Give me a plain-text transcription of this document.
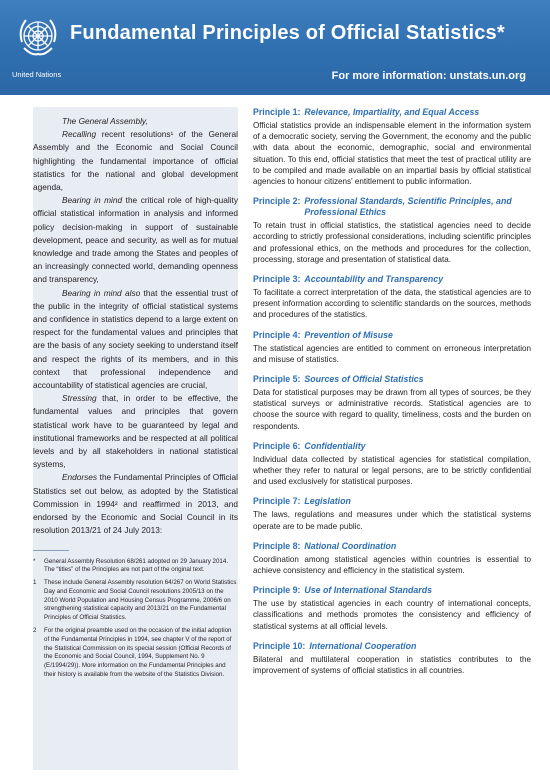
United Nations
Fundamental Principles of Official Statistics*
For more information: unstats.un.org

The General Assembly,

Recalling recent resolutions¹ of the General Assembly and the Economic and Social Council highlighting the fundamental importance of official statistics for the national and global development agenda,

Bearing in mind the critical role of high-quality official statistical information in analysis and informed policy decision-making in support of sustainable development, peace and security, as well as for mutual knowledge and trade among the States and peoples of an increasingly connected world, demanding openness and transparency,

Bearing in mind also that the essential trust of the public in the integrity of official statistical systems and confidence in statistics depend to a large extent on respect for the fundamental values and principles that are the basis of any society seeking to understand itself and respect the rights of its members, and in this context that professional independence and accountability of statistical agencies are crucial,

Stressing that, in order to be effective, the fundamental values and principles that govern statistical work have to be guaranteed by legal and institutional frameworks and be respected at all political levels and by all stakeholders in national statistical systems,

Endorses the Fundamental Principles of Official Statistics set out below, as adopted by the Statistical Commission in 1994² and reaffirmed in 2013, and endorsed by the Economic and Social Council in its resolution 2013/21 of 24 July 2013:

*	General Assembly Resolution 68/261 adopted on 29 January 2014. The “titles” of the Principles are not part of the original text.
1	These include General Assembly resolution 64/267 on World Statistics Day and Economic and Social Council resolutions 2005/13 on the 2010 World Population and Housing Census Programme, 2006/6 on strengthening statistical capacity and 2013/21 on the Fundamental Principles of Official Statistics.
2	For the original preamble used on the occasion of the initial adoption of the Fundamental Principles in 1994, see chapter V of the report of the Statistical Commission on its special session (Official Records of the Economic and Social Council, 1994, Supplement No. 9 (E/1994/29)). More information on the Fundamental Principles and their history is available from the website of the Statistics Division.
Principle 1: Relevance, Impartiality, and Equal Access
Official statistics provide an indispensable element in the information system of a democratic society, serving the Government, the economy and the public with data about the economic, demographic, social and environmental situation. To this end, official statistics that meet the test of practical utility are to be compiled and made available on an impartial basis by official statistical agencies to honour citizens' entitlement to public information.
Principle 2: Professional Standards, Scientific Principles, and Professional Ethics
To retain trust in official statistics, the statistical agencies need to decide according to strictly professional considerations, including scientific principles and professional ethics, on the methods and procedures for the collection, processing, storage and presentation of statistical data.
Principle 3: Accountability and Transparency
To facilitate a correct interpretation of the data, the statistical agencies are to present information according to scientific standards on the sources, methods and procedures of the statistics.
Principle 4: Prevention of Misuse
The statistical agencies are entitled to comment on erroneous interpretation and misuse of statistics.
Principle 5: Sources of Official Statistics
Data for statistical purposes may be drawn from all types of sources, be they statistical surveys or administrative records. Statistical agencies are to choose the source with regard to quality, timeliness, costs and the burden on respondents.
Principle 6: Confidentiality
Individual data collected by statistical agencies for statistical compilation, whether they refer to natural or legal persons, are to be strictly confidential and used exclusively for statistical purposes.
Principle 7: Legislation
The laws, regulations and measures under which the statistical systems operate are to be made public.
Principle 8: National Coordination
Coordination among statistical agencies within countries is essential to achieve consistency and efficiency in the statistical system.
Principle 9: Use of International Standards
The use by statistical agencies in each country of international concepts, classifications and methods promotes the consistency and efficiency of statistical systems at all official levels.
Principle 10: International Cooperation
Bilateral and multilateral cooperation in statistics contributes to the improvement of systems of official statistics in all countries.
